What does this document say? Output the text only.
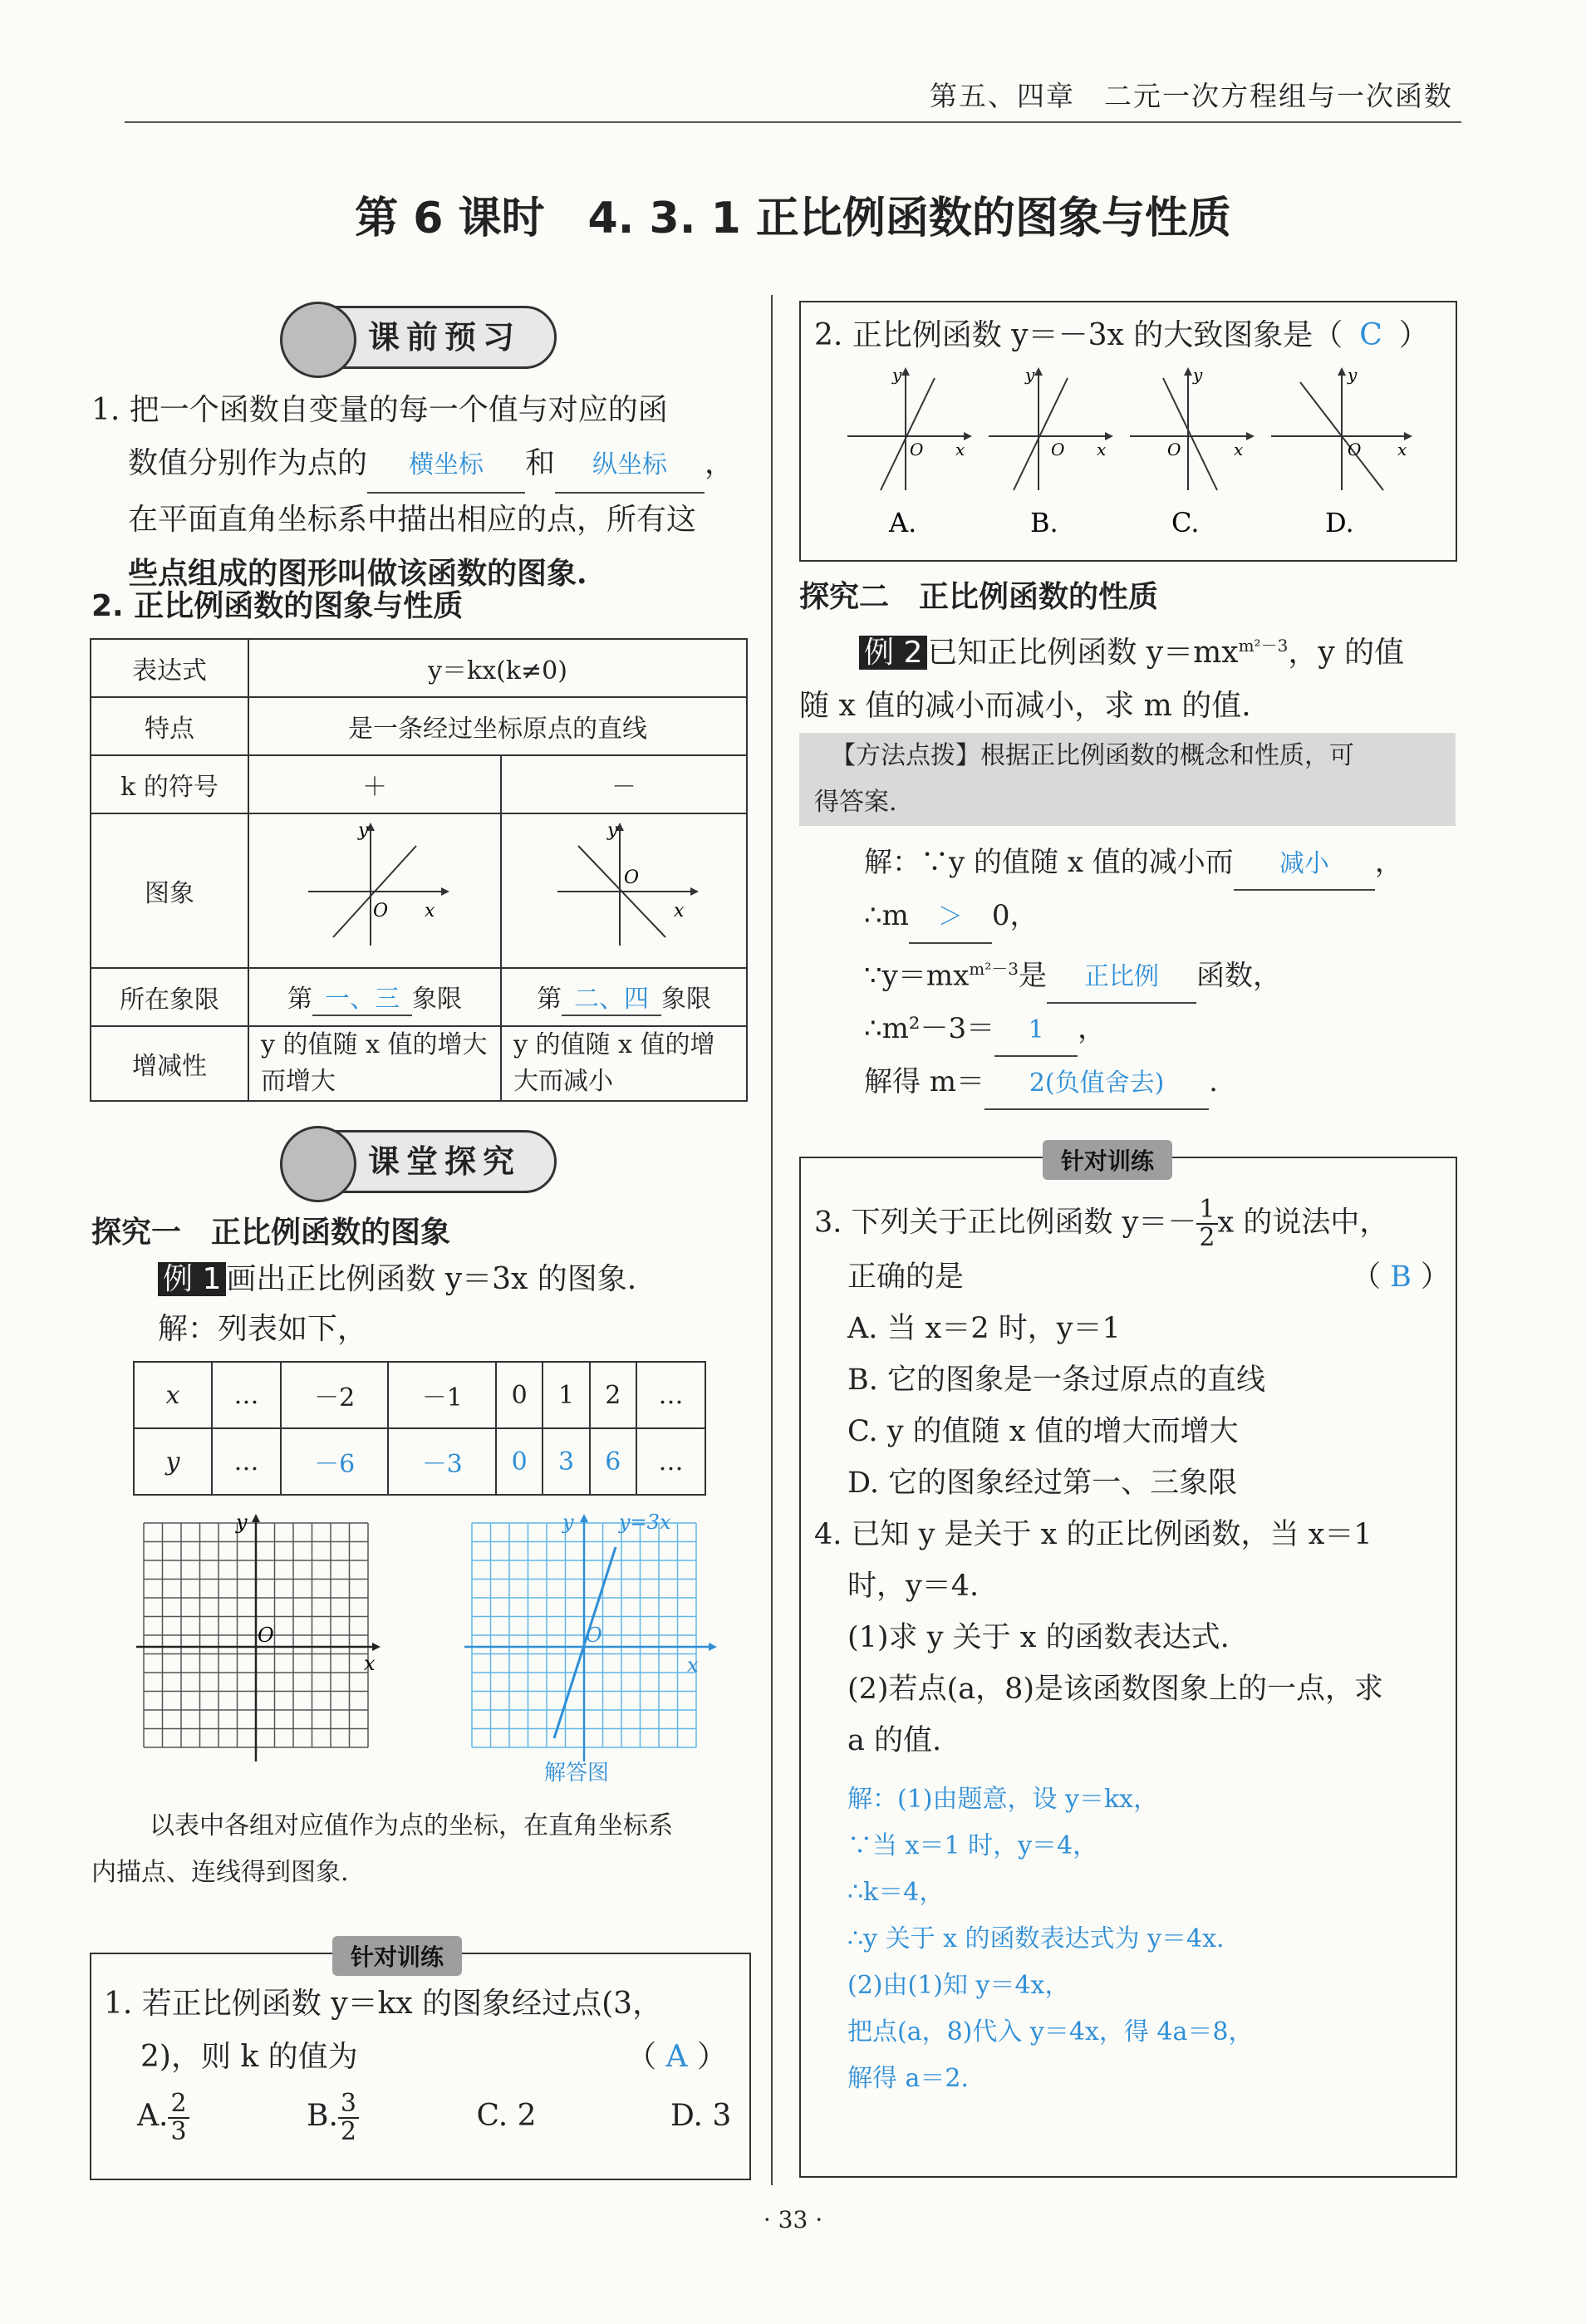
第五、四章　二元一次方程组与一次函数
第 6 课时　4. 3. 1 正比例函数的图象与性质
课前预习
1. 把一个函数自变量的每一个值与对应的函
数值分别作为点的 横坐标 和 纵坐标 ，
在平面直角坐标系中描出相应的点，所有这
些点组成的图形叫做该函数的图象.
2. 正比例函数的图象与性质
表达式	y＝kx(k≠0)	
特点	是一条经过坐标原点的直线	
k 的符号	＋	－
图象	y
x
O	y
x
O

所在象限	第 一、三 象限	第 二、四 象限
增减性	y 的值随 x 值的增大而增大	y 的值随 x 值的增大而减小
课堂探究
探究一　正比例函数的图象
例 1 画出正比例函数 y＝3x 的图象.
解：列表如下，
x	…	－2	－1	0	1	2	…
y	…	－6	－3	0	3	6	…
y
x
O
y y=3x
x
O
解答图
以表中各组对应值作为点的坐标，在直角坐标系
内描点、连线得到图象.
针对训练
1. 若正比例函数 y＝kx 的图象经过点(3，
2)，则 k 的值为	（ A ）
A. $\frac{2}{3}$	B. $\frac{3}{2}$	C. 2	D. 3
2. 正比例函数 y＝－3x 的大致图象是（ C ）
y
x
O
A.
y
x
O
B.
y
x
O
C.
y
x
O
D.
探究二　正比例函数的性质
例 2 已知正比例函数 $y=mx^{m^2-3}$，y 的值
随 x 值的减小而减小，求 m 的值.
【方法点拨】根据正比例函数的概念和性质，可
得答案.
解：∵y 的值随 x 值的减小而 减小 ，
∴m ＞ 0，
$\because y=mx^{m^2-3}$是 正比例 函数，
∴m²－3＝ 1 ，
解得 m＝ 2(负值舍去) .
针对训练
3. 下列关于正比例函数 $y=- \frac{1}{2}$ x 的说法中，
正确的是	（ B ）
A. 当 x＝2 时，y＝1
B. 它的图象是一条过原点的直线
C. y 的值随 x 值的增大而增大
D. 它的图象经过第一、三象限
4. 已知 y 是关于 x 的正比例函数，当 x＝1
时，y＝4.
(1)求 y 关于 x 的函数表达式.
(2)若点(a，8)是该函数图象上的一点，求
a 的值.
解：(1)由题意，设 y＝kx，
∵当 x＝1 时，y＝4，
∴k＝4，
∴y 关于 x 的函数表达式为 y＝4x.
(2)由(1)知 y＝4x，
把点(a，8)代入 y＝4x，得 4a＝8，
解得 a＝2.
· 33 ·
